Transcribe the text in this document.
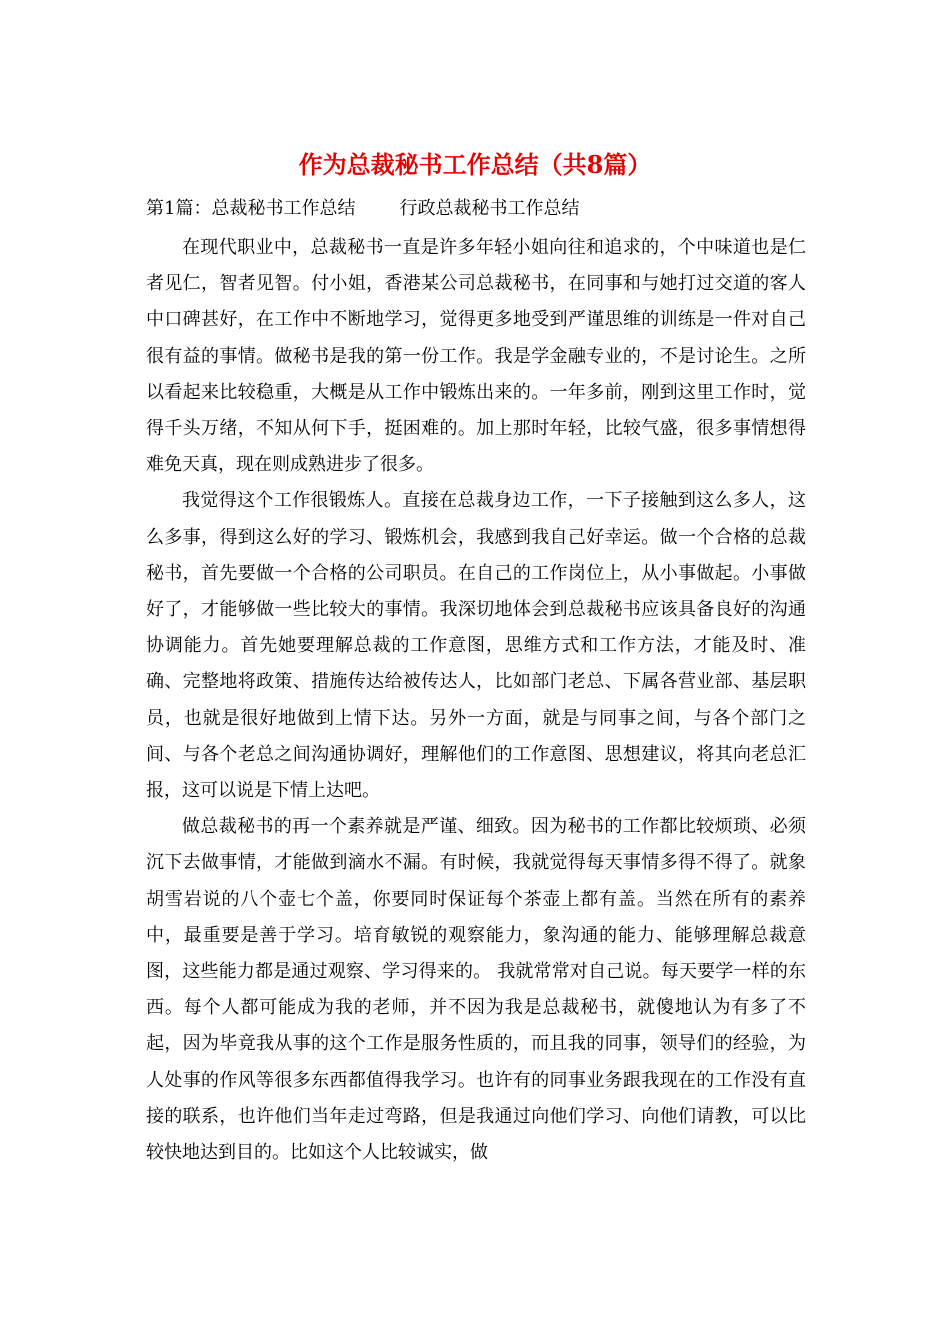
作为总裁秘书工作总结（共8篇）
第1篇：总裁秘书工作总结 行政总裁秘书工作总结

在现代职业中，总裁秘书一直是许多年轻小姐向往和追求的，个中味道也是仁者见仁，智者见智。付小姐，香港某公司总裁秘书，在同事和与她打过交道的客人中口碑甚好，在工作中不断地学习，觉得更多地受到严谨思维的训练是一件对自己很有益的事情。做秘书是我的第一份工作。我是学金融专业的，不是讨论生。之所以看起来比较稳重，大概是从工作中锻炼出来的。一年多前，刚到这里工作时，觉得千头万绪，不知从何下手，挺困难的。加上那时年轻，比较气盛，很多事情想得难免天真，现在则成熟进步了很多。

我觉得这个工作很锻炼人。直接在总裁身边工作，一下子接触到这么多人，这么多事，得到这么好的学习、锻炼机会，我感到我自己好幸运。做一个合格的总裁秘书，首先要做一个合格的公司职员。在自己的工作岗位上，从小事做起。小事做好了，才能够做一些比较大的事情。我深切地体会到总裁秘书应该具备良好的沟通协调能力。首先她要理解总裁的工作意图，思维方式和工作方法，才能及时、准确、完整地将政策、措施传达给被传达人，比如部门老总、下属各营业部、基层职员，也就是很好地做到上情下达。另外一方面，就是与同事之间，与各个部门之间、与各个老总之间沟通协调好，理解他们的工作意图、思想建议，将其向老总汇报，这可以说是下情上达吧。

做总裁秘书的再一个素养就是严谨、细致。因为秘书的工作都比较烦琐、必须沉下去做事情，才能做到滴水不漏。有时候，我就觉得每天事情多得不得了。就象胡雪岩说的八个壶七个盖，你要同时保证每个茶壶上都有盖。当然在所有的素养中，最重要是善于学习。培育敏锐的观察能力，象沟通的能力、能够理解总裁意图，这些能力都是通过观察、学习得来的。 我就常常对自己说。每天要学一样的东西。每个人都可能成为我的老师，并不因为我是总裁秘书，就傻地认为有多了不起，因为毕竟我从事的这个工作是服务性质的，而且我的同事，领导们的经验，为人处事的作风等很多东西都值得我学习。也许有的同事业务跟我现在的工作没有直接的联系，也许他们当年走过弯路，但是我通过向他们学习、向他们请教，可以比较快地达到目的。比如这个人比较诚实，做
